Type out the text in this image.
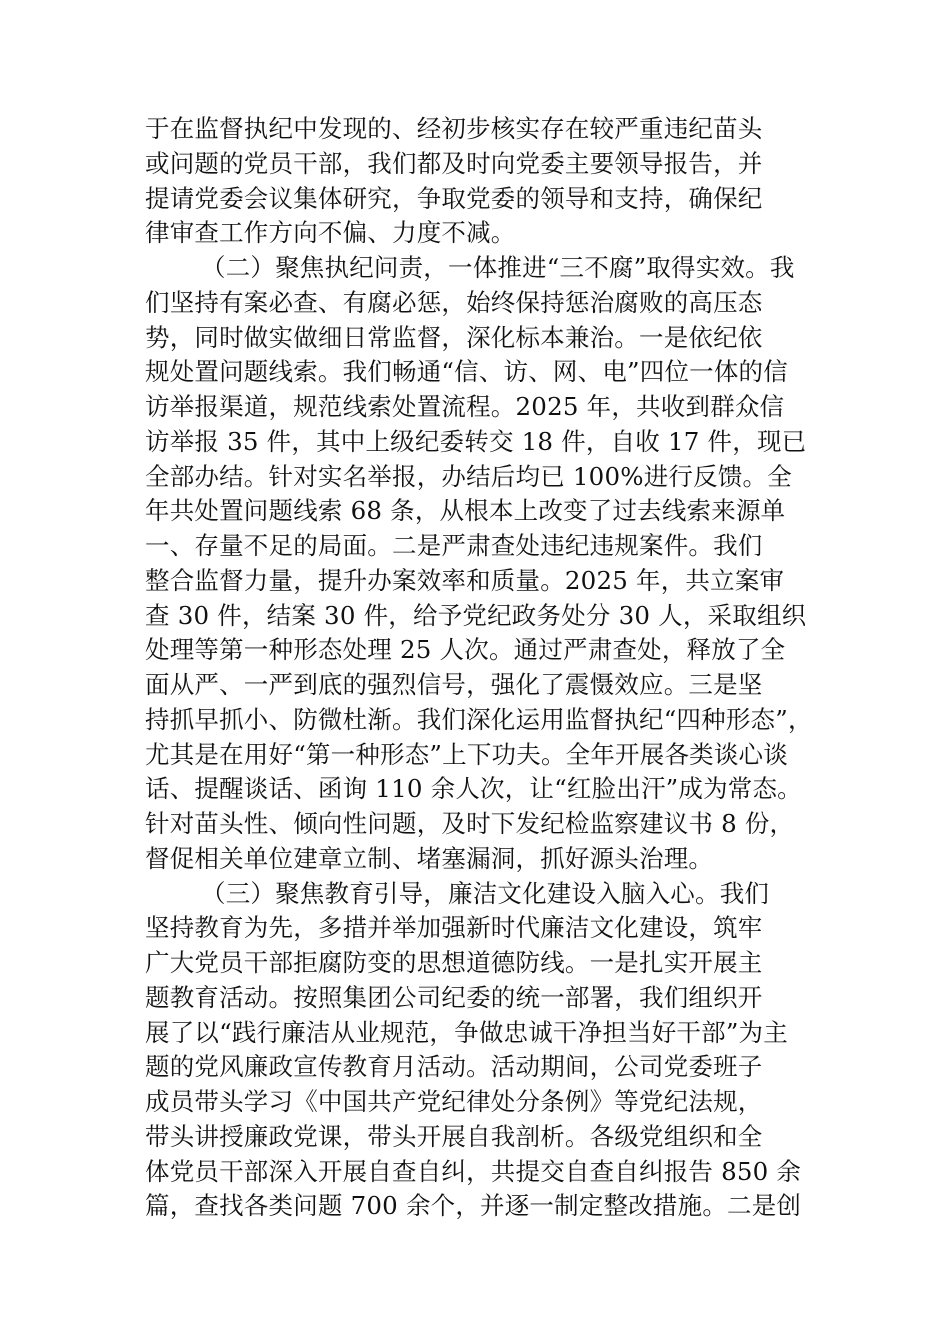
于在监督执纪中发现的、经初步核实存在较严重违纪苗头
或问题的党员干部，我们都及时向党委主要领导报告，并
提请党委会议集体研究，争取党委的领导和支持，确保纪
律审查工作方向不偏、力度不减。
（二）聚焦执纪问责，一体推进“三不腐”取得实效。我
们坚持有案必查、有腐必惩，始终保持惩治腐败的高压态
势，同时做实做细日常监督，深化标本兼治。一是依纪依
规处置问题线索。我们畅通“信、访、网、电”四位一体的信
访举报渠道，规范线索处置流程。2025 年，共收到群众信
访举报 35 件，其中上级纪委转交 18 件，自收 17 件，现已
全部办结。针对实名举报，办结后均已 100%进行反馈。全
年共处置问题线索 68 条，从根本上改变了过去线索来源单
一、存量不足的局面。二是严肃查处违纪违规案件。我们
整合监督力量，提升办案效率和质量。2025 年，共立案审
查 30 件，结案 30 件，给予党纪政务处分 30 人，采取组织
处理等第一种形态处理 25 人次。通过严肃查处，释放了全
面从严、一严到底的强烈信号，强化了震慑效应。三是坚
持抓早抓小、防微杜渐。我们深化运用监督执纪“四种形态”，
尤其是在用好“第一种形态”上下功夫。全年开展各类谈心谈
话、提醒谈话、函询 110 余人次，让“红脸出汗”成为常态。
针对苗头性、倾向性问题，及时下发纪检监察建议书 8 份，
督促相关单位建章立制、堵塞漏洞，抓好源头治理。
（三）聚焦教育引导，廉洁文化建设入脑入心。我们
坚持教育为先，多措并举加强新时代廉洁文化建设，筑牢
广大党员干部拒腐防变的思想道德防线。一是扎实开展主
题教育活动。按照集团公司纪委的统一部署，我们组织开
展了以“践行廉洁从业规范，争做忠诚干净担当好干部”为主
题的党风廉政宣传教育月活动。活动期间，公司党委班子
成员带头学习《中国共产党纪律处分条例》等党纪法规，
带头讲授廉政党课，带头开展自我剖析。各级党组织和全
体党员干部深入开展自查自纠，共提交自查自纠报告 850 余
篇，查找各类问题 700 余个，并逐一制定整改措施。二是创
